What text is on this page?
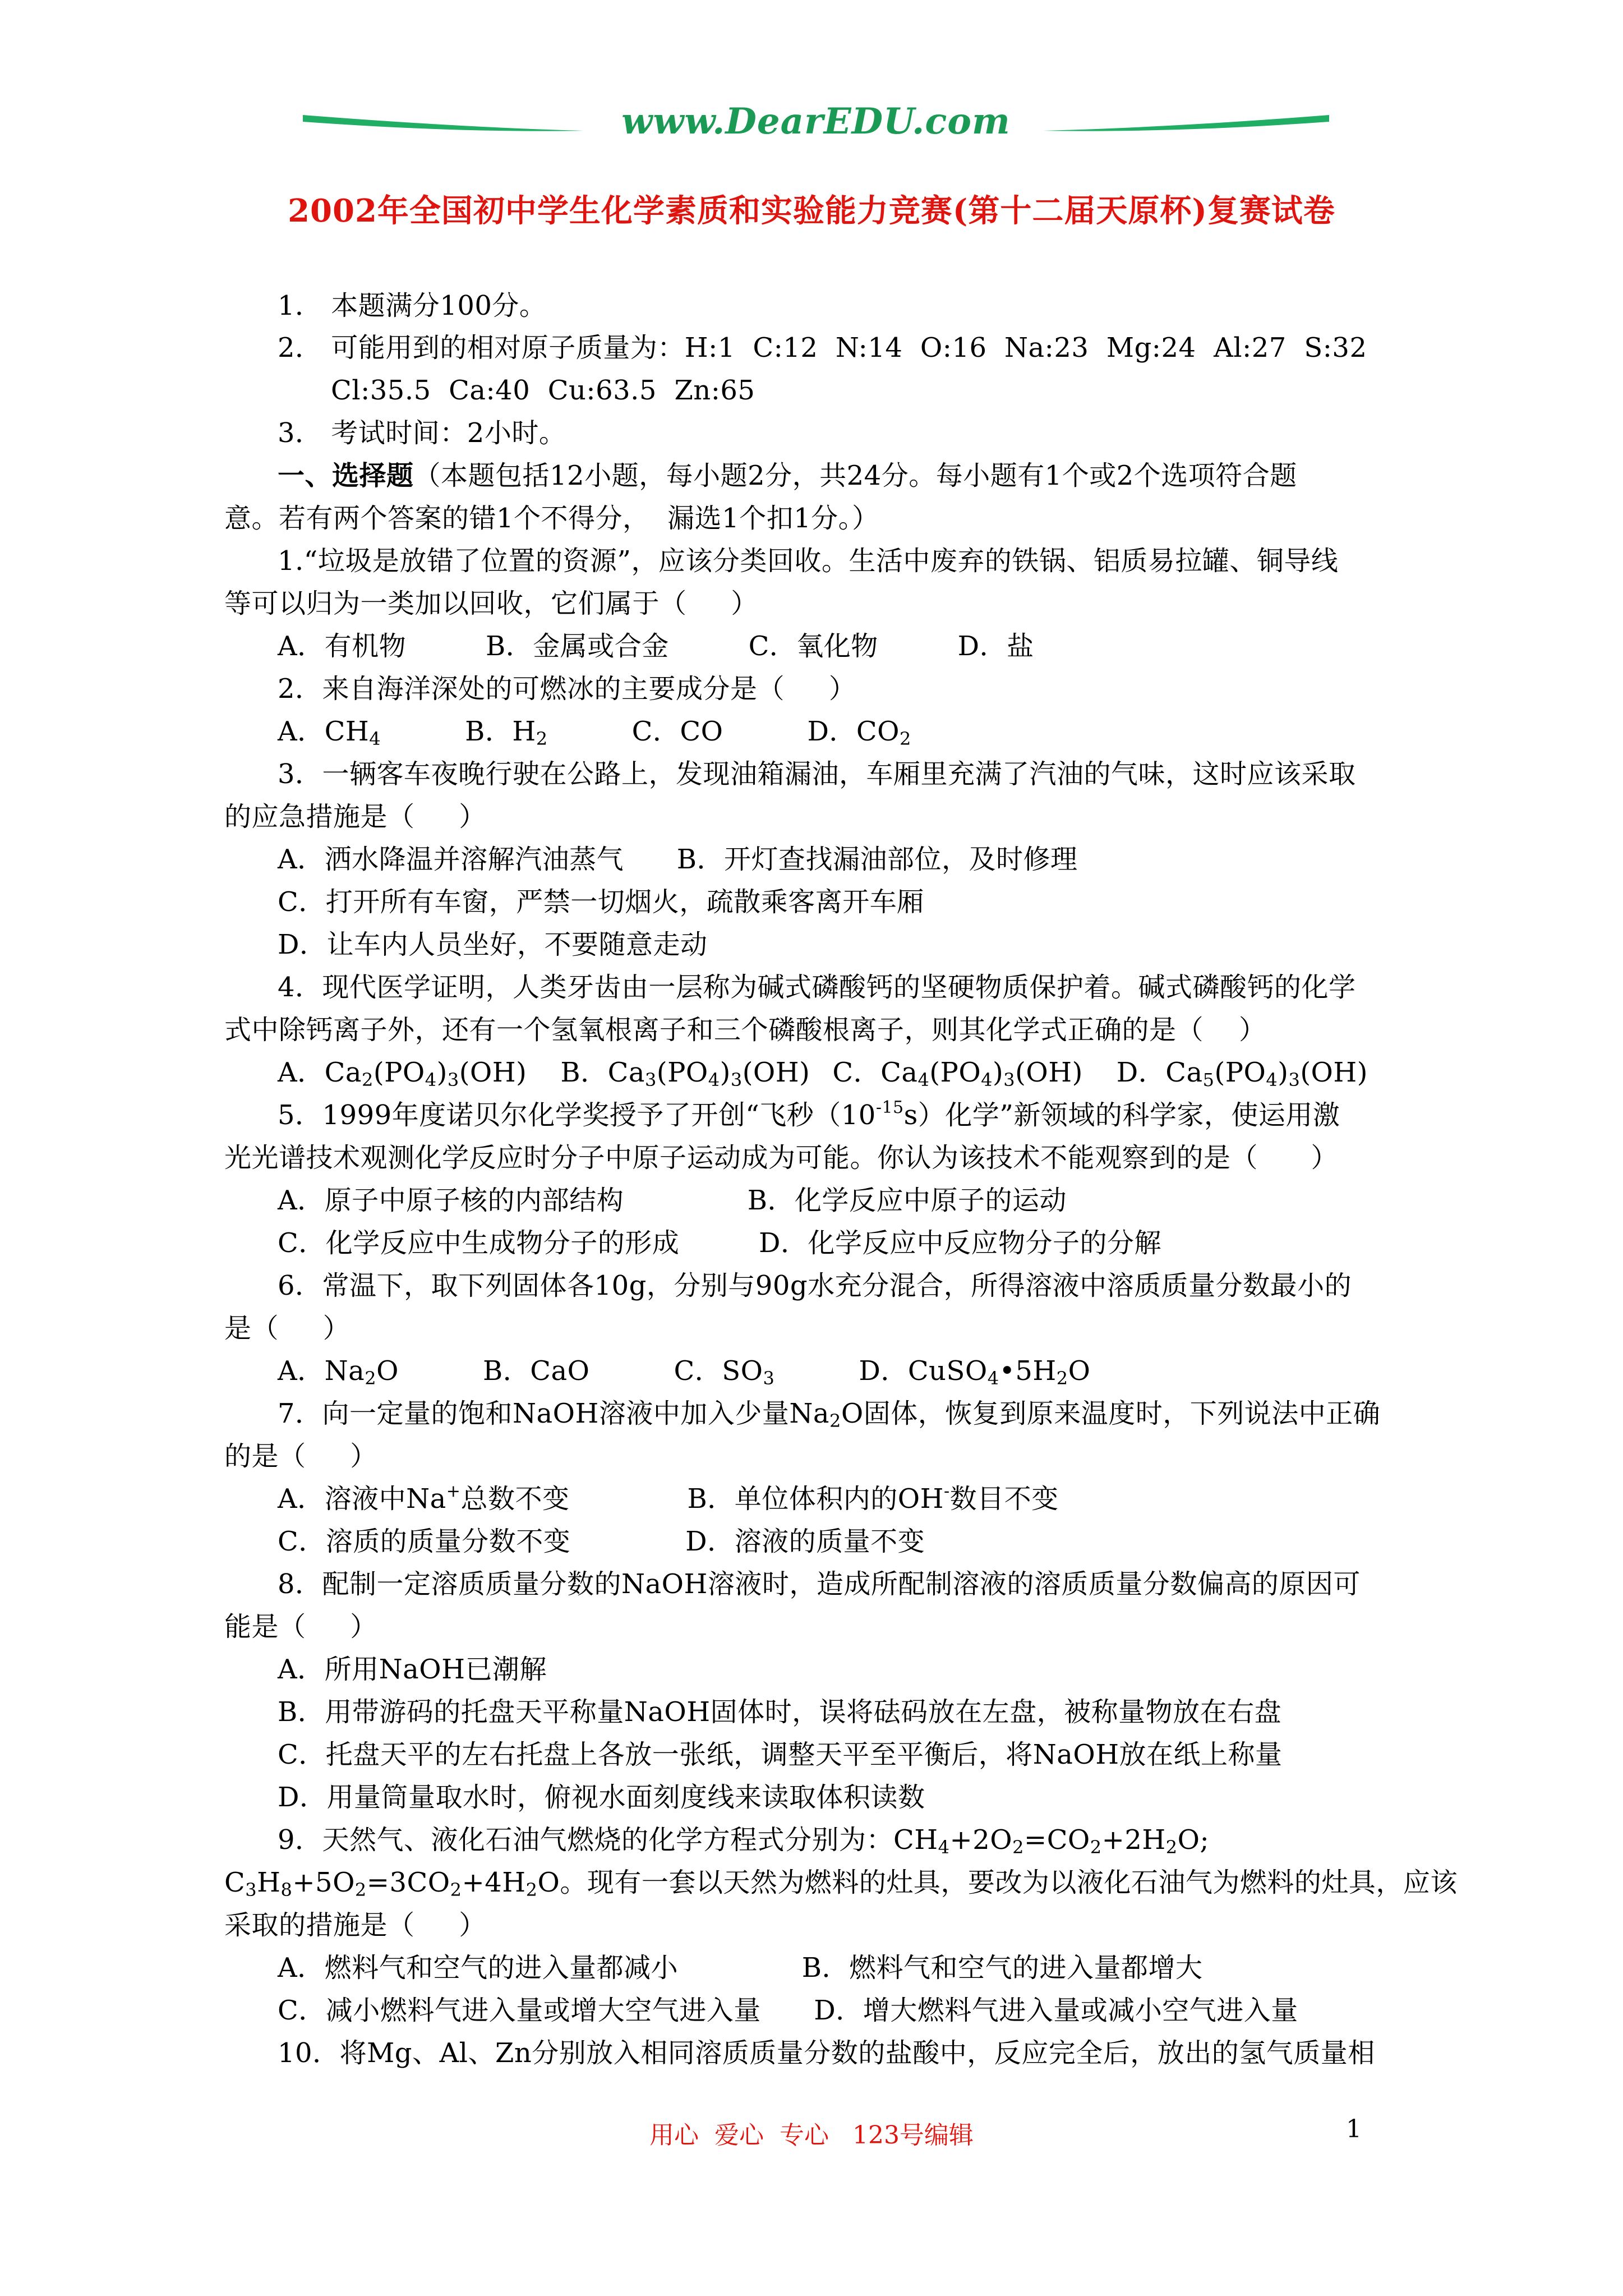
www.DearEDU.com
2002年全国初中学生化学素质和实验能力竞赛(第十二届天原杯)复赛试卷
1． 本题满分100分。
2． 可能用到的相对原子质量为：H:1  C:12  N:14  O:16  Na:23  Mg:24  Al:27  S:32
Cl:35.5  Ca:40  Cu:63.5  Zn:65
3． 考试时间：2小时。
一、选择题（本题包括12小题，每小题2分，共24分。每小题有1个或2个选项符合题
意。若有两个答案的错1个不得分，  漏选1个扣1分。）
1.“垃圾是放错了位置的资源”，应该分类回收。生活中废弃的铁锅、铝质易拉罐、铜导线
等可以归为一类加以回收，它们属于（     ）
A．有机物         B．金属或合金         C．氧化物         D．盐
2．来自海洋深处的可燃冰的主要成分是（     ）
A．$CH_4$	B．$H_2$	C．CO	D．$CO_2$
3．一辆客车夜晚行驶在公路上，发现油箱漏油，车厢里充满了汽油的气味，这时应该采取
的应急措施是（     ）
A．洒水降温并溶解汽油蒸气      B．开灯查找漏油部位，及时修理
C．打开所有车窗，严禁一切烟火，疏散乘客离开车厢
D．让车内人员坐好，不要随意走动
4．现代医学证明，人类牙齿由一层称为碱式磷酸钙的坚硬物质保护着。碱式磷酸钙的化学
式中除钙离子外，还有一个氢氧根离子和三个磷酸根离子，则其化学式正确的是（    ）
A．$Ca_2(PO_4)_3(OH)$ B．$Ca_3(PO_4)_3(OH)$ C．$Ca_4(PO_4)_3(OH)$ D．$Ca_5(PO_4)_3(OH)$
5．1999年度诺贝尔化学奖授予了开创“飞秒$(10^{-15}s)$化学”新领域的科学家，使运用激
光光谱技术观测化学反应时分子中原子运动成为可能。你认为该技术不能观察到的是（      ）
A．原子中原子核的内部结构              B．化学反应中原子的运动
C．化学反应中生成物分子的形成         D．化学反应中反应物分子的分解
6．常温下，取下列固体各10g，分别与90g水充分混合，所得溶液中溶质质量分数最小的
是（     ）
A．$Na_2O$	B．CaO	C．$SO_3$	D．$CuSO_4•5H_2O$
7．向一定量的饱和NaOH溶液中加入少量$Na_2O$固体，恢复到原来温度时，下列说法中正确
的是（     ）
A．溶液中Na+总数不变	B．单位体积内的OH-数目不变
C．溶质的质量分数不变             D．溶液的质量不变
8．配制一定溶质质量分数的NaOH溶液时，造成所配制溶液的溶质质量分数偏高的原因可
能是（     ）
A．所用NaOH已潮解
B．用带游码的托盘天平称量NaOH固体时，误将砝码放在左盘，被称量物放在右盘
C．托盘天平的左右托盘上各放一张纸，调整天平至平衡后，将NaOH放在纸上称量
D．用量筒量取水时，俯视水面刻度线来读取体积读数
9．天然气、液化石油气燃烧的化学方程式分别为：$CH_4+2O_2=CO_2+2H_2O$;
$C_3H_8+5O_2=3CO_2+4H_2O$。现有一套以天然为燃料的灶具，要改为以液化石油气为燃料的灶具，应该
采取的措施是（     ）
A．燃料气和空气的进入量都减小              B．燃料气和空气的进入量都增大
C．减小燃料气进入量或增大空气进入量      D．增大燃料气进入量或减小空气进入量
10．将Mg、Al、Zn分别放入相同溶质质量分数的盐酸中，反应完全后，放出的氢气质量相
用心  爱心  专心   123号编辑	1
